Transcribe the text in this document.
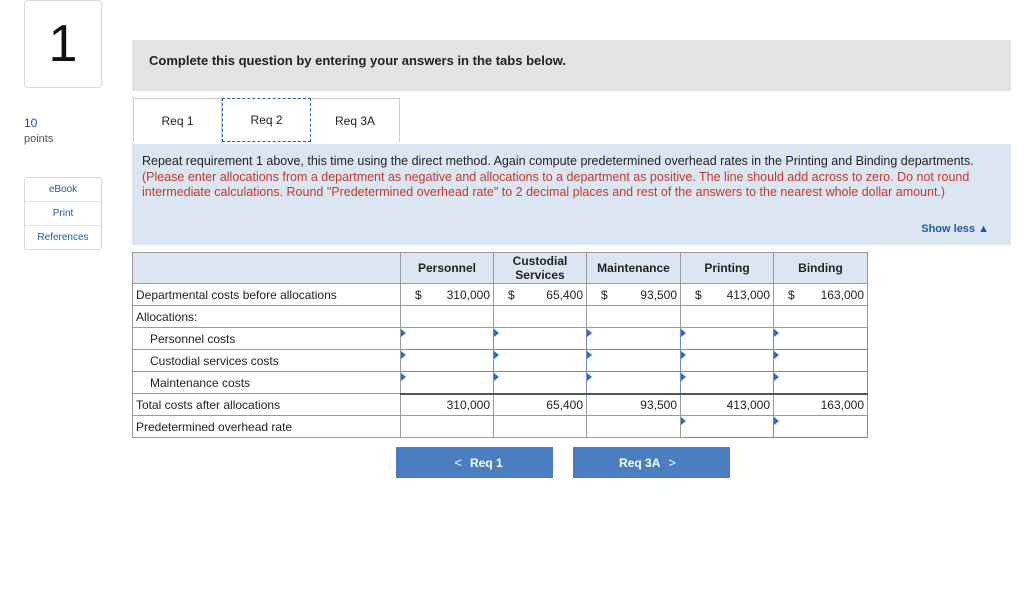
1
10
points
eBook
Print
References
Complete this question by entering your answers in the tabs below.
Req 1	Req 2	Req 3A
Repeat requirement 1 above, this time using the direct method. Again compute predetermined overhead rates in the Printing and Binding departments. (Please enter allocations from a department as negative and allocations to a department as positive. The line should add across to zero. Do not round intermediate calculations. Round "Predetermined overhead rate" to 2 decimal places and rest of the answers to the nearest whole dollar amount.)
Show less ▲
	Personnel	Custodial Services	Maintenance	Printing	Binding
Departmental costs before allocations	$ 310,000	$ 65,400	$ 93,500	$ 413,000	$ 163,000

Allocations:					
Personnel costs					
Custodial services costs					
Maintenance costs					
Total costs after allocations	310,000	65,400	93,500	413,000	163,000
Predetermined overhead rate					
< Req 1	Req 3A >
